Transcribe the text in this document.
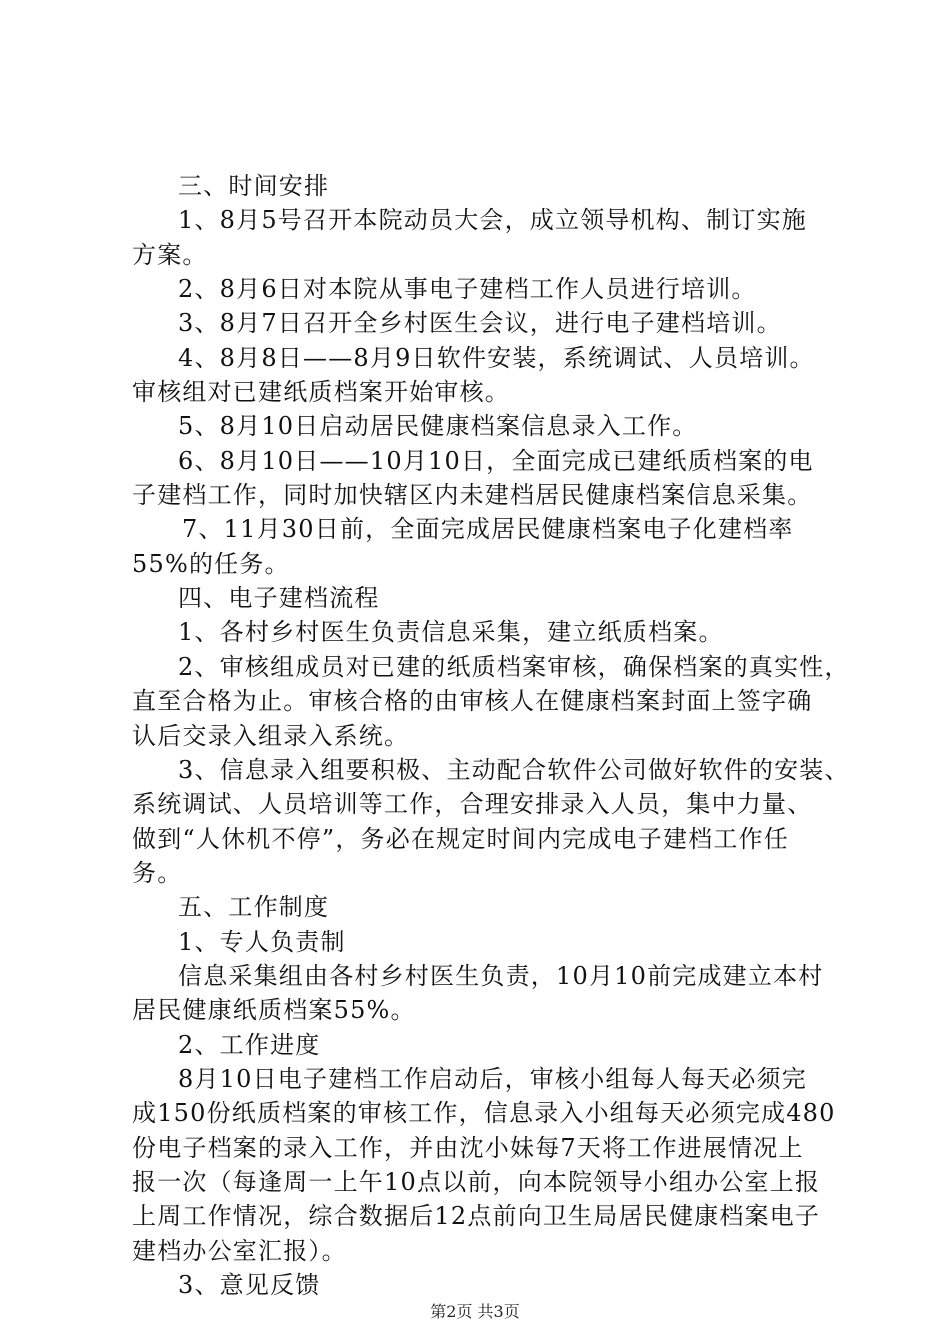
三、时间安排
1、8月5号召开本院动员大会，成立领导机构、制订实施
方案。
2、8月6日对本院从事电子建档工作人员进行培训。
3、8月7日召开全乡村医生会议，进行电子建档培训。
4、8月8日——8月9日软件安装，系统调试、人员培训。
审核组对已建纸质档案开始审核。
5、8月10日启动居民健康档案信息录入工作。
6、8月10日——10月10日，全面完成已建纸质档案的电
子建档工作，同时加快辖区内未建档居民健康档案信息采集。
7、11月30日前，全面完成居民健康档案电子化建档率
55%的任务。
四、电子建档流程
1、各村乡村医生负责信息采集，建立纸质档案。
2、审核组成员对已建的纸质档案审核，确保档案的真实性，
直至合格为止。审核合格的由审核人在健康档案封面上签字确
认后交录入组录入系统。
3、信息录入组要积极、主动配合软件公司做好软件的安装、
系统调试、人员培训等工作，合理安排录入人员，集中力量、
做到“人休机不停”，务必在规定时间内完成电子建档工作任
务。
五、工作制度
1、专人负责制
信息采集组由各村乡村医生负责，10月10前完成建立本村
居民健康纸质档案55%。
2、工作进度
8月10日电子建档工作启动后，审核小组每人每天必须完
成150份纸质档案的审核工作，信息录入小组每天必须完成480
份电子档案的录入工作，并由沈小妹每7天将工作进展情况上
报一次（每逢周一上午10点以前，向本院领导小组办公室上报
上周工作情况，综合数据后12点前向卫生局居民健康档案电子
建档办公室汇报）。
3、意见反馈
第2页 共3页
